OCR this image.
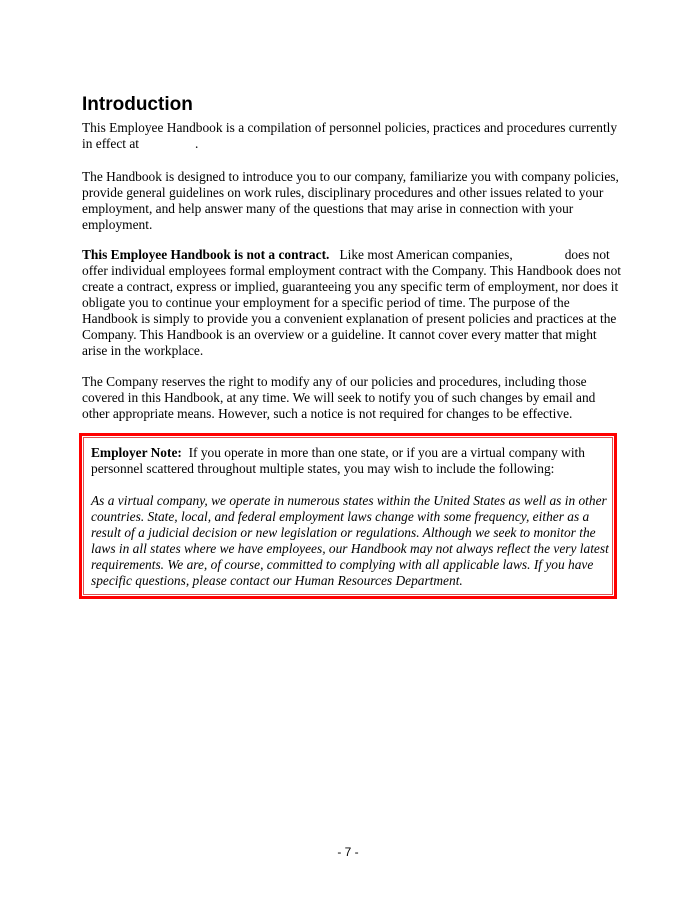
Introduction

This Employee Handbook is a compilation of personnel policies, practices and procedures currently in effect at	.

The Handbook is designed to introduce you to our company, familiarize you with company policies, provide general guidelines on work rules, disciplinary procedures and other issues related to your employment, and help answer many of the questions that may arise in connection with your employment.

This Employee Handbook is not a contract. Like most American companies,	does not offer individual employees formal employment contract with the Company. This Handbook does not create a contract, express or implied, guaranteeing you any specific term of employment, nor does it obligate you to continue your employment for a specific period of time. The purpose of the Handbook is simply to provide you a convenient explanation of present policies and practices at the Company. This Handbook is an overview or a guideline. It cannot cover every matter that might arise in the workplace.

The Company reserves the right to modify any of our policies and procedures, including those covered in this Handbook, at any time. We will seek to notify you of such changes by email and other appropriate means. However, such a notice is not required for changes to be effective.

Employer Note: If you operate in more than one state, or if you are a virtual company with personnel scattered throughout multiple states, you may wish to include the following:

As a virtual company, we operate in numerous states within the United States as well as in other countries. State, local, and federal employment laws change with some frequency, either as a result of a judicial decision or new legislation or regulations. Although we seek to monitor the laws in all states where we have employees, our Handbook may not always reflect the very latest requirements. We are, of course, committed to complying with all applicable laws. If you have specific questions, please contact our Human Resources Department.

- 7 -
